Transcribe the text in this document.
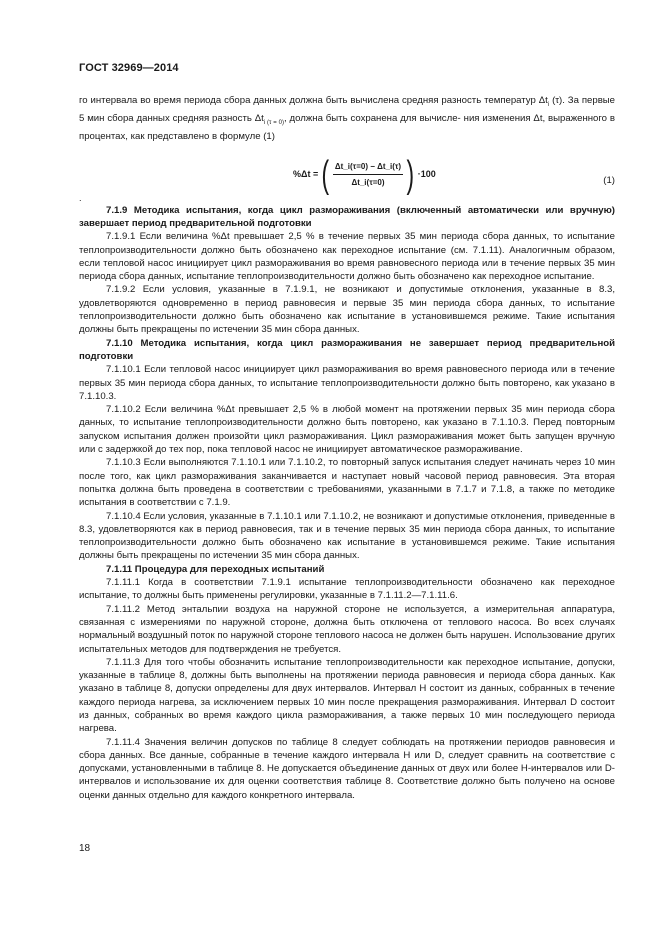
ГОСТ 32969—2014

го интервала во время периода сбора данных должна быть вычислена средняя разность температур $\Delta t_i$ (τ). За первые 5 мин сбора данных средняя разность $\Delta t_{i (\tau = 0)}$, должна быть сохранена для вычисле- ния изменения Δt, выраженного в процентах, как представлено в формуле (1)

%Δt = ( $\frac{\Delta t\_i(\tau=0) - \Delta t\_i(\tau)}{\Delta t\_i(\tau=0)}$ ) ·100
(1)
.

7.1.9 Методика испытания, когда цикл размораживания (включенный автоматически или вручную) завершает период предварительной подготовки

7.1.9.1 Если величина %Δt превышает 2,5 % в течение первых 35 мин периода сбора данных, то испытание теплопроизводительности должно быть обозначено как переходное испытание (см. 7.1.11). Аналогичным образом, если тепловой насос инициирует цикл размораживания во время равновесного периода или в течение первых 35 мин периода сбора данных, испытание теплопроизводительности должно быть обозначено как переходное испытание.

7.1.9.2 Если условия, указанные в 7.1.9.1, не возникают и допустимые отклонения, указанные в 8.3, удовлетворяются одновременно в период равновесия и первые 35 мин периода сбора данных, то испытание теплопроизводительности должно быть обозначено как испытание в установившемся режиме. Такие испытания должны быть прекращены по истечении 35 мин сбора данных.

7.1.10 Методика испытания, когда цикл размораживания не завершает период предварительной подготовки

7.1.10.1 Если тепловой насос инициирует цикл размораживания во время равновесного периода или в течение первых 35 мин периода сбора данных, то испытание теплопроизводительности должно быть повторено, как указано в 7.1.10.3.

7.1.10.2 Если величина %Δt превышает 2,5 % в любой момент на протяжении первых 35 мин периода сбора данных, то испытание теплопроизводительности должно быть повторено, как указано в 7.1.10.3. Перед повторным запуском испытания должен произойти цикл размораживания. Цикл размораживания может быть запущен вручную или с задержкой до тех пор, пока тепловой насос не инициирует автоматическое размораживание.

7.1.10.3 Если выполняются 7.1.10.1 или 7.1.10.2, то повторный запуск испытания следует начинать через 10 мин после того, как цикл размораживания заканчивается и наступает новый часовой период равновесия. Эта вторая попытка должна быть проведена в соответствии с требованиями, указанными в 7.1.7 и 7.1.8, а также по методике испытания в соответствии с 7.1.9.

7.1.10.4 Если условия, указанные в 7.1.10.1 или 7.1.10.2, не возникают и допустимые отклонения, приведенные в 8.3, удовлетворяются как в период равновесия, так и в течение первых 35 мин периода сбора данных, то испытание теплопроизводительности должно быть обозначено как испытание в установившемся режиме. Такие испытания должны быть прекращены по истечении 35 мин сбора данных.

7.1.11 Процедура для переходных испытаний

7.1.11.1 Когда в соответствии 7.1.9.1 испытание теплопроизводительности обозначено как переходное испытание, то должны быть применены регулировки, указанные в 7.1.11.2—7.1.11.6.

7.1.11.2 Метод энтальпии воздуха на наружной стороне не используется, а измерительная аппаратура, связанная с измерениями по наружной стороне, должна быть отключена от теплового насоса. Во всех случаях нормальный воздушный поток по наружной стороне теплового насоса не должен быть нарушен. Использование других испытательных методов для подтверждения не требуется.

7.1.11.3 Для того чтобы обозначить испытание теплопроизводительности как переходное испытание, допуски, указанные в таблице 8, должны быть выполнены на протяжении периода равновесия и периода сбора данных. Как указано в таблице 8, допуски определены для двух интервалов. Интервал Н состоит из данных, собранных в течение каждого периода нагрева, за исключением первых 10 мин после прекращения размораживания. Интервал D состоит из данных, собранных во время каждого цикла размораживания, а также первых 10 мин последующего периода нагрева.

7.1.11.4 Значения величин допусков по таблице 8 следует соблюдать на протяжении периодов равновесия и сбора данных. Все данные, собранные в течение каждого интервала Н или D, следует сравнить на соответствие с допусками, установленными в таблице 8. Не допускается объединение данных от двух или более Н-интервалов или D-интервалов и использование их для оценки соответствия таблице 8. Соответствие должно быть получено на основе оценки данных отдельно для каждого конкретного интервала.

18
